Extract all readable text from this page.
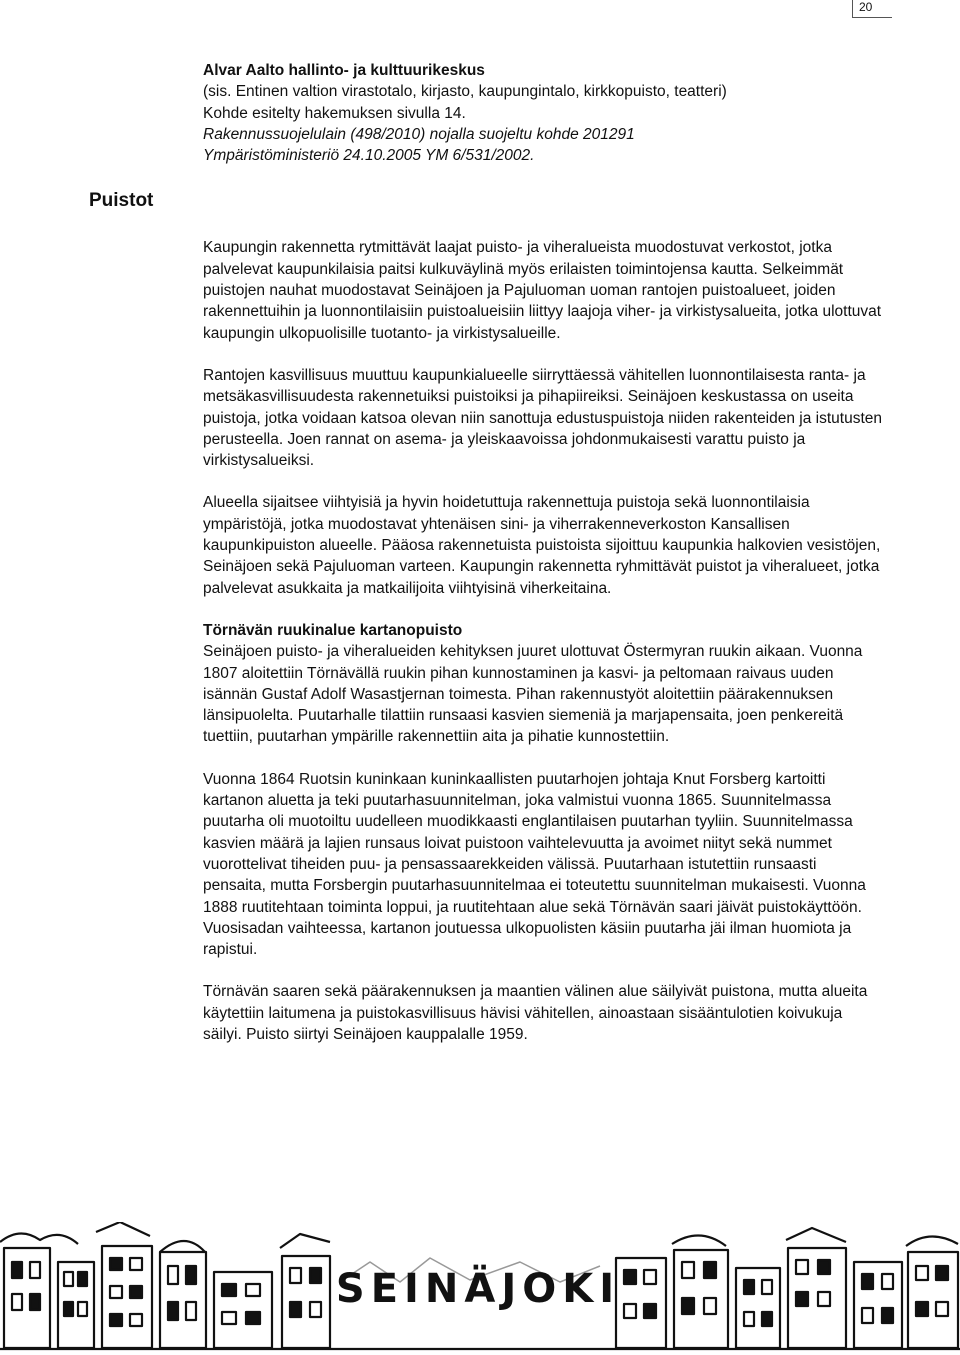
20
Puistot

Alvar Aalto hallinto- ja kulttuurikeskus

(sis. Entinen valtion virastotalo, kirjasto, kaupungintalo, kirkkopuisto, teatteri)

Kohde esitelty hakemuksen sivulla 14.

Rakennussuojelulain (498/2010) nojalla suojeltu kohde 201291

Ympäristöministeriö 24.10.2005 YM 6/531/2002.

Kaupungin rakennetta rytmittävät laajat puisto- ja viheralueista muodostuvat verkostot, jotka palvelevat kaupunkilaisia paitsi kulkuväylinä myös erilaisten toimintojensa kautta. Selkeimmät puistojen nauhat muodostavat Seinäjoen ja Pajuluoman uoman rantojen puistoalueet, joiden rakennettuihin ja luonnontilaisiin puistoalueisiin liittyy laajoja viher- ja virkistysalueita, jotka ulottuvat kaupungin ulkopuolisille tuotanto- ja virkistysalueille.

Rantojen kasvillisuus muuttuu kaupunkialueelle siirryttäessä vähitellen luonnontilaisesta ranta- ja metsäkasvillisuudesta rakennetuiksi puistoiksi ja pihapiireiksi. Seinäjoen keskustassa on useita puistoja, jotka voidaan katsoa olevan niin sanottuja edustuspuistoja niiden rakenteiden ja istutusten perusteella. Joen rannat on asema- ja yleiskaavoissa johdonmukaisesti varattu puisto ja virkistysalueiksi.

Alueella sijaitsee viihtyisiä ja hyvin hoidetuttuja rakennettuja puistoja sekä luonnontilaisia ympäristöjä, jotka muodostavat yhtenäisen sini- ja viherrakenneverkoston Kansallisen kaupunkipuiston alueelle. Pääosa rakennetuista puistoista sijoittuu kaupunkia halkovien vesistöjen, Seinäjoen sekä Pajuluoman varteen. Kaupungin rakennetta ryhmittävät puistot ja viheralueet, jotka palvelevat asukkaita ja matkailijoita viihtyisinä viherkeitaina.

Törnävän ruukinalue kartanopuisto

Seinäjoen puisto- ja viheralueiden kehityksen juuret ulottuvat Östermyran ruukin aikaan. Vuonna 1807 aloitettiin Törnävällä ruukin pihan kunnostaminen ja kasvi- ja peltomaan raivaus uuden isännän Gustaf Adolf Wasastjernan toimesta. Pihan rakennustyöt aloitettiin päärakennuksen länsipuolelta. Puutarhalle tilattiin runsaasi kasvien siemeniä ja marjapensaita, joen penkereitä tuettiin, puutarhan ympärille rakennettiin aita ja pihatie kunnostettiin.

Vuonna 1864 Ruotsin kuninkaan kuninkaallisten puutarhojen johtaja Knut Forsberg kartoitti kartanon aluetta ja teki puutarhasuunnitelman, joka valmistui vuonna 1865. Suunnitelmassa puutarha oli muotoiltu uudelleen muodikkaasti englantilaisen puutarhan tyyliin. Suunnitelmassa kasvien määrä ja lajien runsaus loivat puistoon vaihtelevuutta ja avoimet niityt sekä nummet vuorottelivat tiheiden puu- ja pensassaarekkeiden välissä. Puutarhaan istutettiin runsaasti pensaita, mutta Forsbergin puutarhasuunnitelmaa ei toteutettu suunnitelman mukaisesti. Vuonna 1888 ruutitehtaan toiminta loppui, ja ruutitehtaan alue sekä Törnävän saari jäivät puistokäyttöön. Vuosisadan vaihteessa, kartanon joutuessa ulkopuolisten käsiin puutarha jäi ilman huomiota ja rapistui.

Törnävän saaren sekä päärakennuksen ja maantien välinen alue säilyivät puistona, mutta alueita käytettiin laitumena ja puistokasvillisuus hävisi vähitellen, ainoastaan sisääntulotien koivukuja säilyi. Puisto siirtyi Seinäjoen kauppalalle 1959.

SEINÄJOKI
